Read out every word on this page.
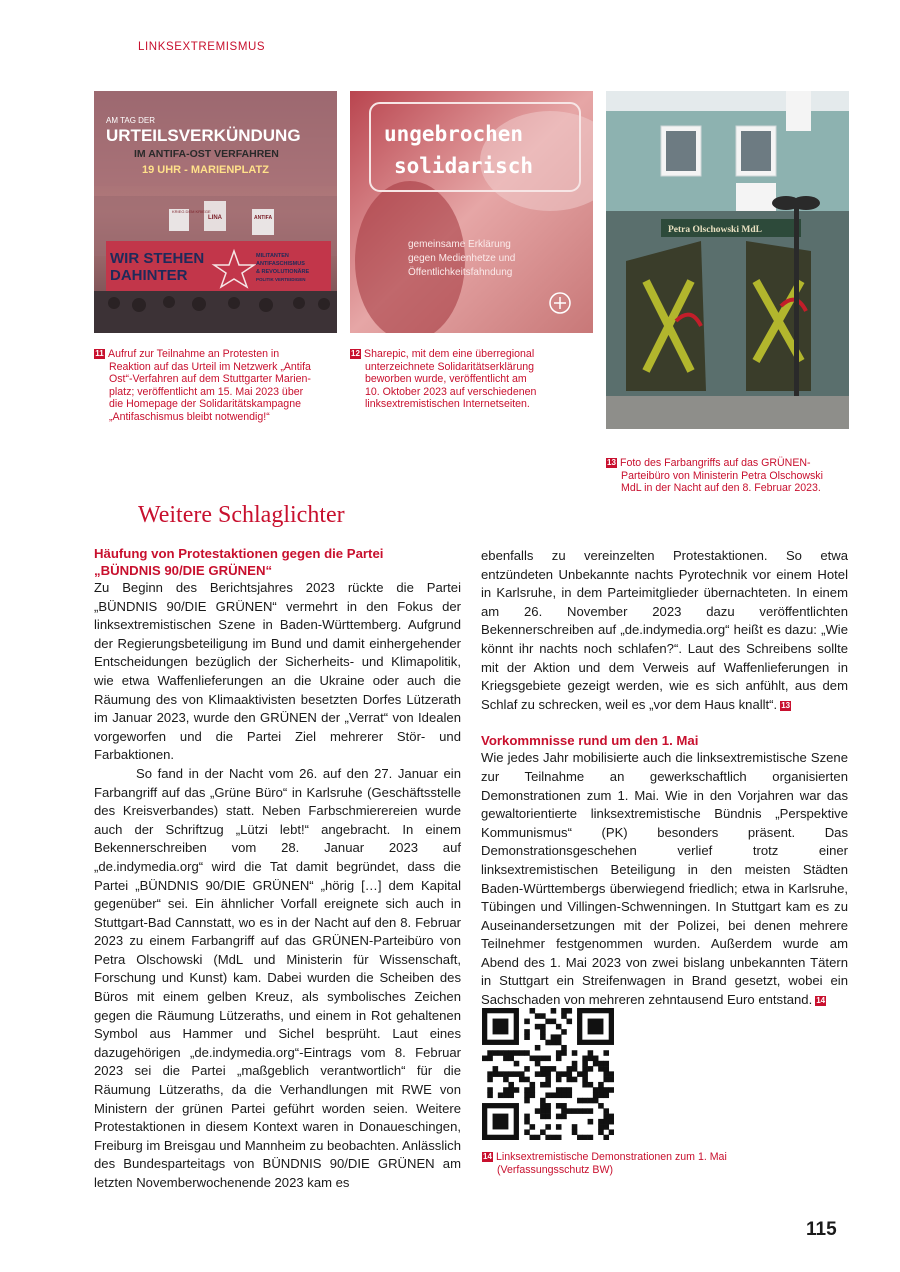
LINKSEXTREMISMUS
AM TAG DER
URTEILSVERKÜNDUNG
IM ANTIFA-OST VERFAHREN
19 UHR - MARIENPLATZ
KRIEG DEM KRIEGE
LINA	ANTIFA
WIR STEHEN
DAHINTER
MILITANTEN
ANTIFASCHISMUS
& REVOLUTIONÄRE
POLITIK VERTEIDIGEN
ungebrochen
solidarisch
gemeinsame Erklärung
gegen Medienhetze und
Öffentlichkeitsfahndung
Petra Olschowski MdL
11 Aufruf zur Teilnahme an Protesten in
Reaktion auf das Urteil im Netzwerk „Antifa
Ost“-Verfahren auf dem Stuttgarter Marien-
platz; veröffentlicht am 15. Mai 2023 über
die Homepage der Solidaritätskampagne
„Antifaschismus bleibt notwendig!“
12 Sharepic, mit dem eine überregional
unterzeichnete Solidaritätserklärung
beworben wurde, veröffentlicht am
10. Oktober 2023 auf verschiedenen
linksextremistischen Internetseiten.
13 Foto des Farbangriffs auf das GRÜNEN-
Parteibüro von Ministerin Petra Olschowski
MdL in der Nacht auf den 8. Februar 2023.
Weitere Schlaglichter
Häufung von Protestaktionen gegen die Partei
„BÜNDNIS 90/DIE GRÜNEN“

Zu Beginn des Berichtsjahres 2023 rückte die Partei „BÜNDNIS 90/DIE GRÜNEN“ vermehrt in den Fokus der linksextremistischen Szene in Baden-Württemberg. Aufgrund der Regierungsbeteiligung im Bund und damit einhergehender Entscheidungen bezüglich der Sicherheits- und Klimapolitik, wie etwa Waffenlieferungen an die Ukraine oder auch die Räumung des von Klimaaktivisten besetzten Dorfes Lützerath im Januar 2023, wurde den GRÜNEN der „Verrat“ von Idealen vorgeworfen und die Partei Ziel mehrerer Stör- und Farbaktionen.

So fand in der Nacht vom 26. auf den 27. Januar ein Farbangriff auf das „Grüne Büro“ in Karlsruhe (Geschäftsstelle des Kreisverbandes) statt. Neben Farbschmierereien wurde auch der Schriftzug „Lützi lebt!“ angebracht. In einem Bekennerschreiben vom 28. Januar 2023 auf „de.indymedia.org“ wird die Tat damit begründet, dass die Partei „BÜNDNIS 90/DIE GRÜNEN“ „hörig […] dem Kapital gegenüber“ sei. Ein ähnlicher Vorfall ereignete sich auch in Stuttgart-Bad Cannstatt, wo es in der Nacht auf den 8. Februar 2023 zu einem Farbangriff auf das GRÜNEN-Parteibüro von Petra Olschowski (MdL und Ministerin für Wissenschaft, Forschung und Kunst) kam. Dabei wurden die Scheiben des Büros mit einem gelben Kreuz, als symbolisches Zeichen gegen die Räumung Lützeraths, und einem in Rot gehaltenen Symbol aus Hammer und Sichel besprüht. Laut eines dazugehörigen „de.indymedia.org“-Eintrags vom 8. Februar 2023 sei die Partei „maßgeblich verantwortlich“ für die Räumung Lützeraths, da die Verhandlungen mit RWE von Ministern der grünen Partei geführt worden seien. Weitere Protestaktionen in diesem Kontext waren in Donaueschingen, Freiburg im Breisgau und Mannheim zu beobachten. Anlässlich des Bundesparteitags von BÜNDNIS 90/DIE GRÜNEN am letzten Novemberwochenende 2023 kam es

ebenfalls zu vereinzelten Protestaktionen. So etwa entzündeten Unbekannte nachts Pyrotechnik vor einem Hotel in Karlsruhe, in dem Parteimitglieder übernachteten. In einem am 26. November 2023 dazu veröffentlichten Bekennerschreiben auf „de.indymedia.org“ heißt es dazu: „Wie könnt ihr nachts noch schlafen?“. Laut des Schreibens sollte mit der Aktion und dem Verweis auf Waffenlieferungen in Kriegsgebiete gezeigt werden, wie es sich anfühlt, aus dem Schlaf zu schrecken, weil es „vor dem Haus knallt“. 13

Vorkommnisse rund um den 1. Mai

Wie jedes Jahr mobilisierte auch die linksextremistische Szene zur Teilnahme an gewerkschaftlich organisierten Demonstrationen zum 1. Mai. Wie in den Vorjahren war das gewaltorientierte linksextremistische Bündnis „Perspektive Kommunismus“ (PK) besonders präsent. Das Demonstrationsgeschehen verlief trotz einer linksextremistischen Beteiligung in den meisten Städten Baden-Württembergs überwiegend friedlich; etwa in Karlsruhe, Tübingen und Villingen-Schwenningen. In Stuttgart kam es zu Auseinandersetzungen mit der Polizei, bei denen mehrere Teilnehmer festgenommen wurden. Außerdem wurde am Abend des 1. Mai 2023 von zwei bislang unbekannten Tätern in Stuttgart ein Streifenwagen in Brand gesetzt, wobei ein Sachschaden von mehreren zehntausend Euro entstand. 14

14 Linksextremistische Demonstrationen zum 1. Mai
(Verfassungsschutz BW)
115
